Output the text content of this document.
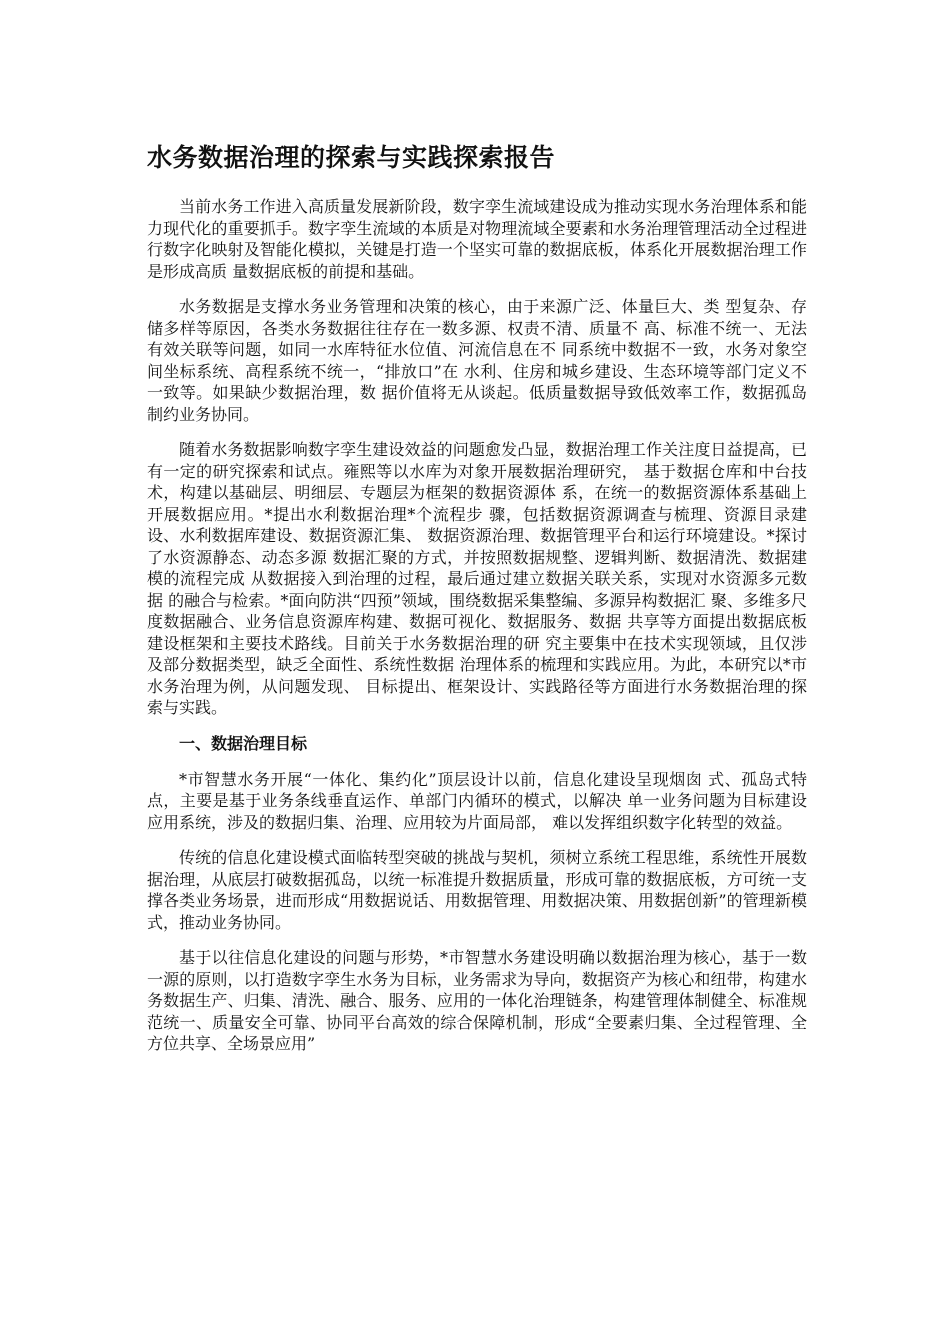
水务数据治理的探索与实践探索报告

当前水务工作进入高质量发展新阶段，数字孪生流域建设成为推动实现水务治理体系和能力现代化的重要抓手。数字孪生流域的本质是对物理流域全要素和水务治理管理活动全过程进行数字化映射及智能化模拟，关键是打造一个坚实可靠的数据底板，体系化开展数据治理工作是形成高质 量数据底板的前提和基础。

水务数据是支撑水务业务管理和决策的核心，由于来源广泛、体量巨大、类 型复杂、存储多样等原因，各类水务数据往往存在一数多源、权责不清、质量不 高、标准不统一、无法有效关联等问题，如同一水库特征水位值、河流信息在不 同系统中数据不一致，水务对象空间坐标系统、高程系统不统一，“排放口”在 水利、住房和城乡建设、生态环境等部门定义不一致等。如果缺少数据治理，数 据价值将无从谈起。低质量数据导致低效率工作，数据孤岛制约业务协同。

随着水务数据影响数字孪生建设效益的问题愈发凸显，数据治理工作关注度日益提高，已有一定的研究探索和试点。雍熙等以水库为对象开展数据治理研究， 基于数据仓库和中台技术，构建以基础层、明细层、专题层为框架的数据资源体 系，在统一的数据资源体系基础上开展数据应用。*提出水利数据治理*个流程步 骤，包括数据资源调查与梳理、资源目录建设、水利数据库建设、数据资源汇集、 数据资源治理、数据管理平台和运行环境建设。*探讨了水资源静态、动态多源 数据汇聚的方式，并按照数据规整、逻辑判断、数据清洗、数据建模的流程完成 从数据接入到治理的过程，最后通过建立数据关联关系，实现对水资源多元数据 的融合与检索。*面向防洪“四预”领域，围绕数据采集整编、多源异构数据汇 聚、多维多尺度数据融合、业务信息资源库构建、数据可视化、数据服务、数据 共享等方面提出数据底板建设框架和主要技术路线。目前关于水务数据治理的研 究主要集中在技术实现领域，且仅涉及部分数据类型，缺乏全面性、系统性数据 治理体系的梳理和实践应用。为此，本研究以*市水务治理为例，从问题发现、 目标提出、框架设计、实践路径等方面进行水务数据治理的探索与实践。

一、数据治理目标

*市智慧水务开展“一体化、集约化”顶层设计以前，信息化建设呈现烟囱 式、孤岛式特点，主要是基于业务条线垂直运作、单部门内循环的模式，以解决 单一业务问题为目标建设应用系统，涉及的数据归集、治理、应用较为片面局部， 难以发挥组织数字化转型的效益。

传统的信息化建设模式面临转型突破的挑战与契机，须树立系统工程思维，系统性开展数据治理，从底层打破数据孤岛，以统一标准提升数据质量，形成可靠的数据底板，方可统一支撑各类业务场景，进而形成“用数据说话、用数据管理、用数据决策、用数据创新”的管理新模式，推动业务协同。

基于以往信息化建设的问题与形势，*市智慧水务建设明确以数据治理为核心，基于一数一源的原则，以打造数字孪生水务为目标，业务需求为导向，数据资产为核心和纽带，构建水务数据生产、归集、清洗、融合、服务、应用的一体化治理链条，构建管理体制健全、标准规范统一、质量安全可靠、协同平台高效的综合保障机制，形成“全要素归集、全过程管理、全方位共享、全场景应用”
